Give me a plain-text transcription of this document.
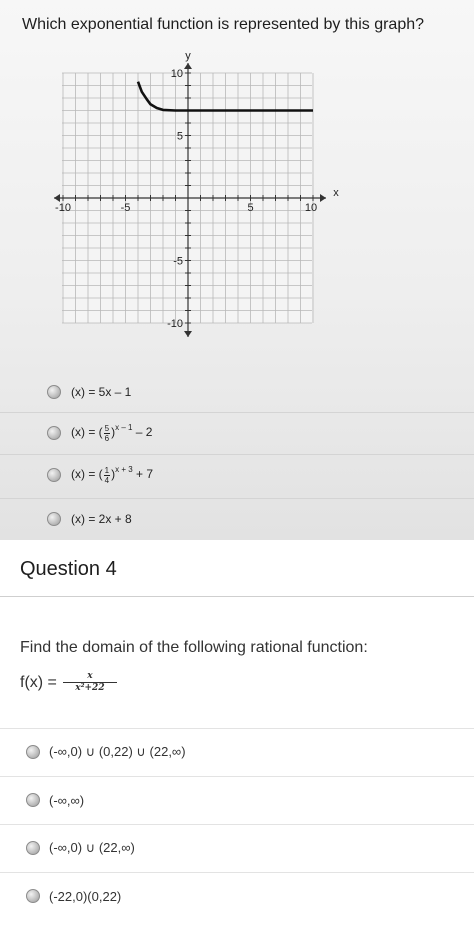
Which exponential function is represented by this graph?
-10	-5	5	10
10
5
-5
-10
x
y
(x) = 5x – 1
(x) = ( $\frac{5}{6} )^{x - 1} - 2$
(x) = ( $\frac{1}{4} )^{x + 3} + 7$
(x) = 2x + 8
Question 4
Find the domain of the following rational function:
$f(x) = \frac{x}{\text{x²+22}}$
(-∞,0) ∪ (0,22) ∪ (22,∞)
(-∞,∞)
(-∞,0) ∪ (22,∞)
(-22,0)(0,22)
